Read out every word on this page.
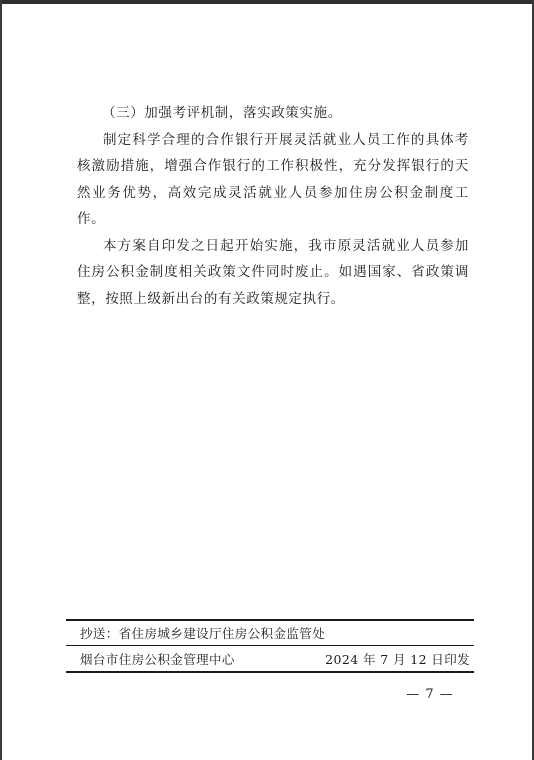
（三）加强考评机制，落实政策实施。

制定科学合理的合作银行开展灵活就业人员工作的具体考核激励措施，增强合作银行的工作积极性，充分发挥银行的天然业务优势，高效完成灵活就业人员参加住房公积金制度工作。

本方案自印发之日起开始实施，我市原灵活就业人员参加住房公积金制度相关政策文件同时废止。如遇国家、省政策调整，按照上级新出台的有关政策规定执行。

抄送：省住房城乡建设厅住房公积金监管处
烟台市住房公积金管理中心	2024 年 7 月 12 日印发
— 7 —
